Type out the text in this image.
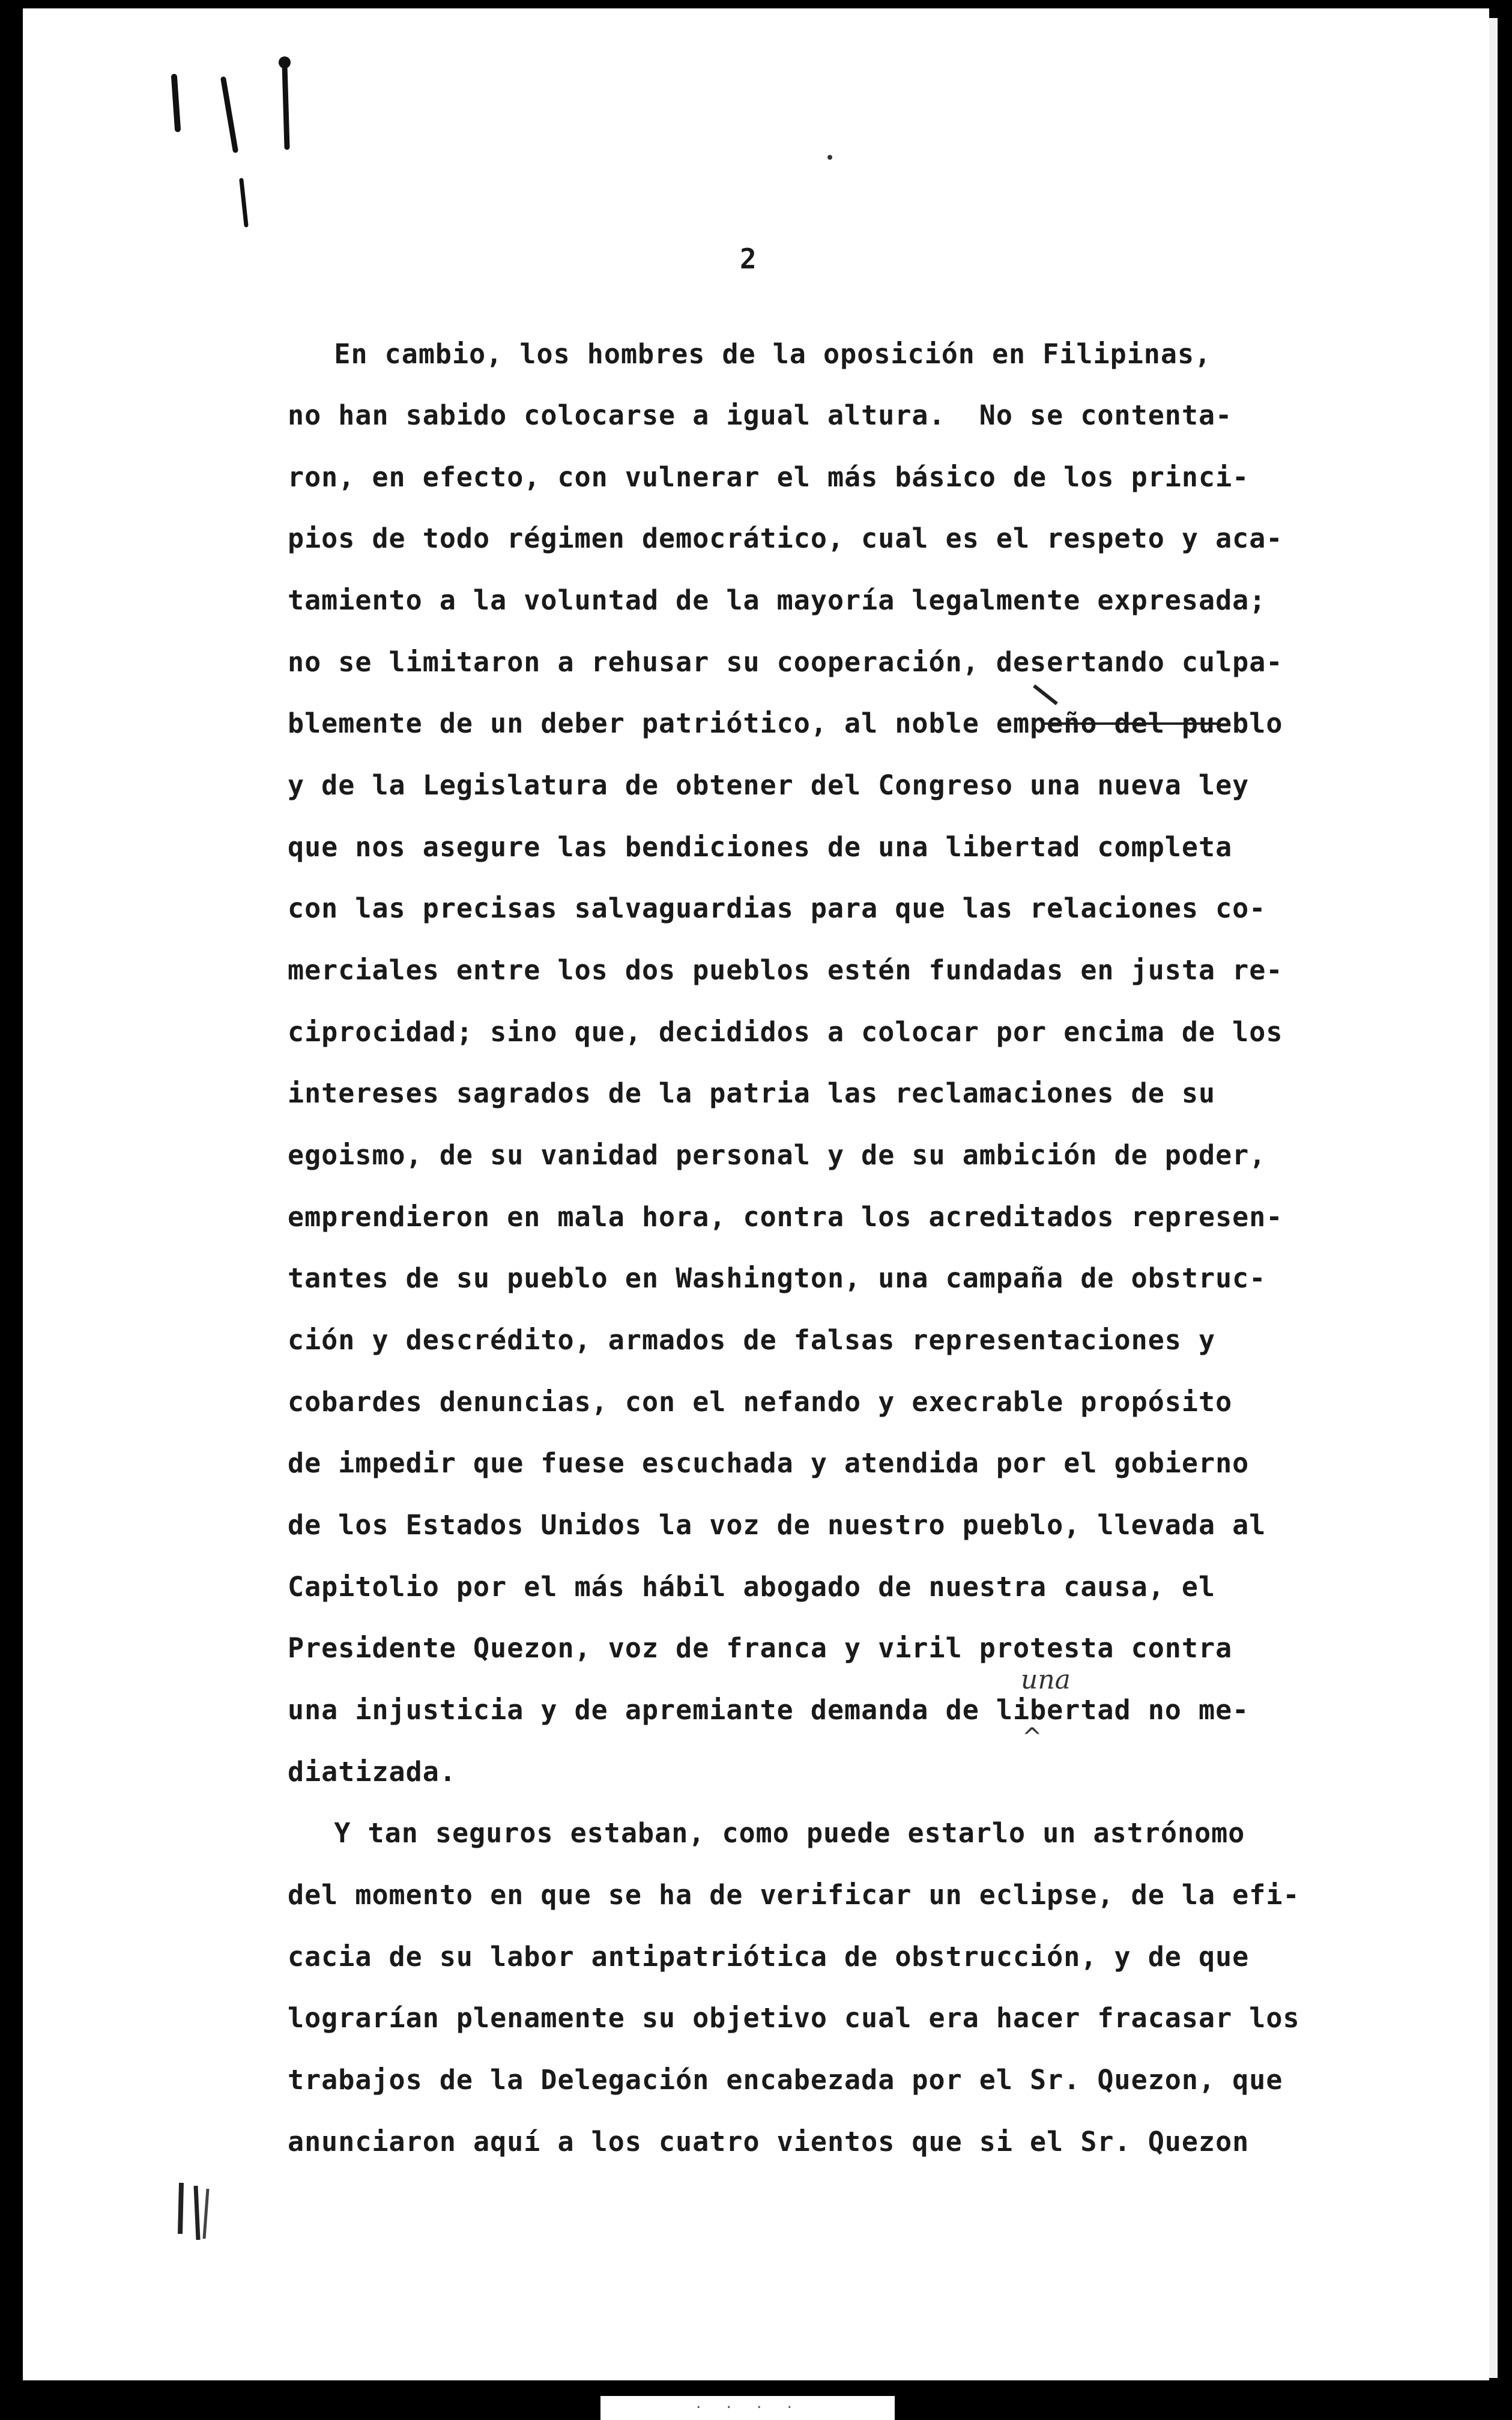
2
En cambio, los hombres de la oposición en Filipinas,
no han sabido colocarse a igual altura.  No se contenta-
ron, en efecto, con vulnerar el más básico de los princi-
pios de todo régimen democrático, cual es el respeto y aca-
tamiento a la voluntad de la mayoría legalmente expresada;
no se limitaron a rehusar su cooperación, desertando culpa-
blemente de un deber patriótico, al noble empeño del pueblo
y de la Legislatura de obtener del Congreso una nueva ley
que nos asegure las bendiciones de una libertad completa
con las precisas salvaguardias para que las relaciones co-
merciales entre los dos pueblos estén fundadas en justa re-
ciprocidad; sino que, decididos a colocar por encima de los
intereses sagrados de la patria las reclamaciones de su
egoismo, de su vanidad personal y de su ambición de poder,
emprendieron en mala hora, contra los acreditados represen-
tantes de su pueblo en Washington, una campaña de obstruc-
ción y descrédito, armados de falsas representaciones y
cobardes denuncias, con el nefando y execrable propósito
de impedir que fuese escuchada y atendida por el gobierno
de los Estados Unidos la voz de nuestro pueblo, llevada al
Capitolio por el más hábil abogado de nuestra causa, el
Presidente Quezon, voz de franca y viril protesta contra
una injusticia y de apremiante demanda de libertad no me-
diatizada.
Y tan seguros estaban, como puede estarlo un astrónomo
del momento en que se ha de verificar un eclipse, de la efi-
cacia de su labor antipatriótica de obstrucción, y de que
lograrían plenamente su objetivo cual era hacer fracasar los
trabajos de la Delegación encabezada por el Sr. Quezon, que
anunciaron aquí a los cuatro vientos que si el Sr. Quezon
una
^
· · · ·
